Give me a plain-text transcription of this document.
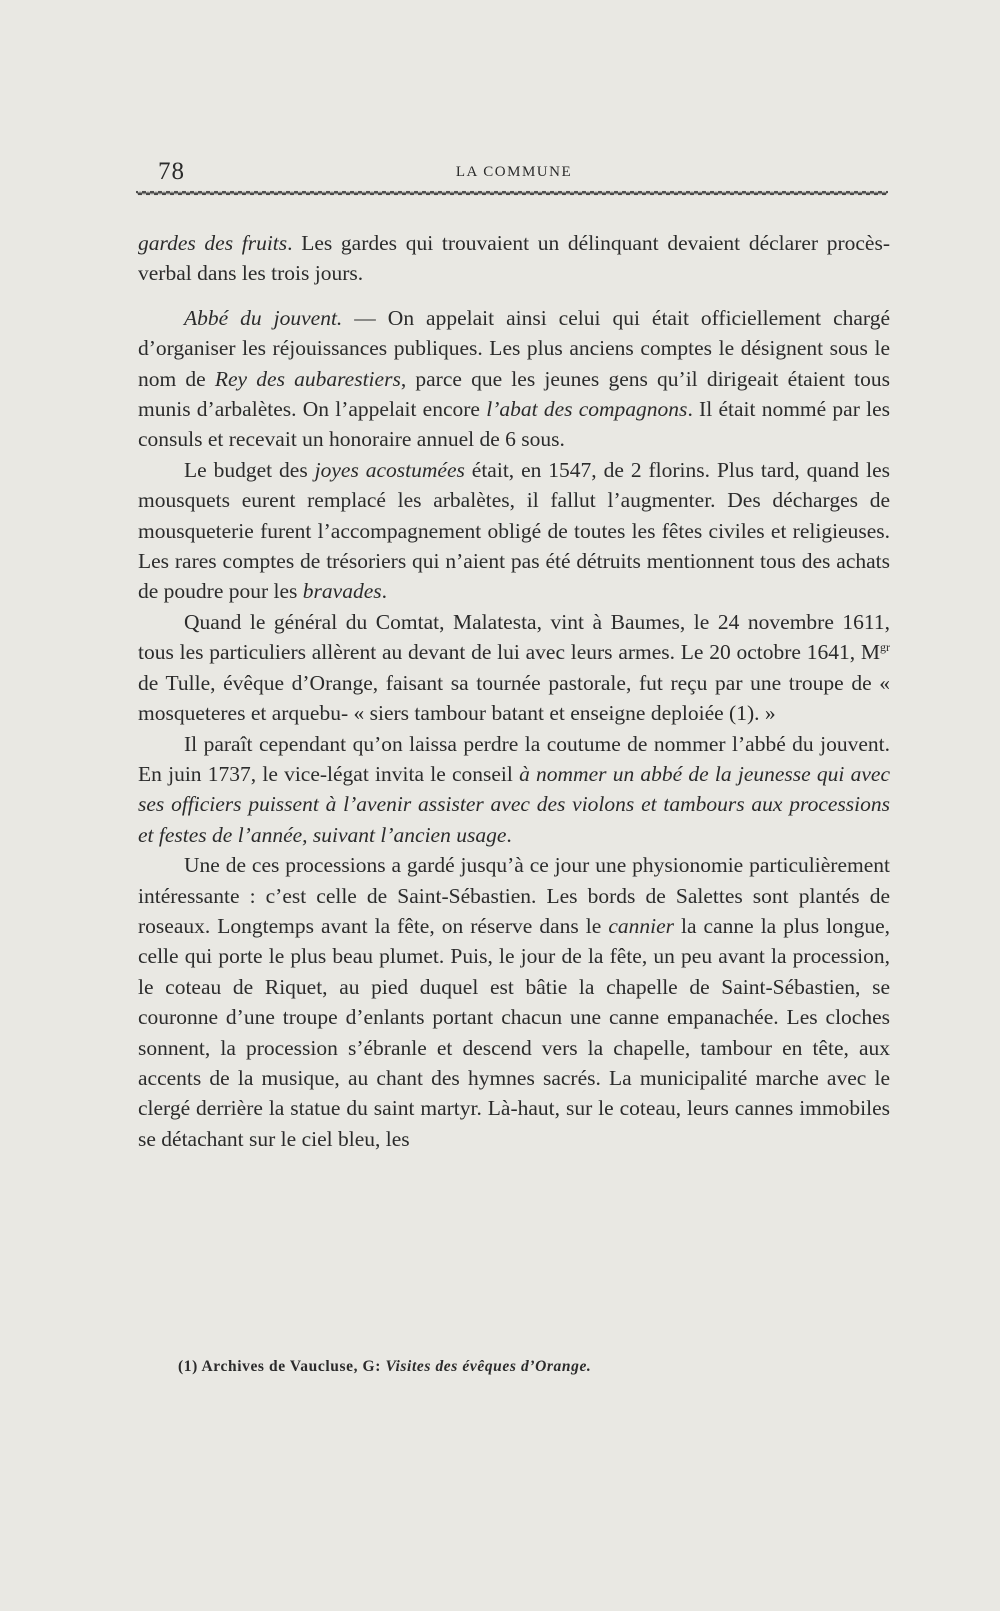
78	LA COMMUNE

gardes des fruits. Les gardes qui trouvaient un délinquant devaient déclarer procès-verbal dans les trois jours.

Abbé du jouvent. — On appelait ainsi celui qui était officiellement chargé d’organiser les réjouissances publiques. Les plus anciens comptes le désignent sous le nom de Rey des aubarestiers, parce que les jeunes gens qu’il dirigeait étaient tous munis d’arbalètes. On l’appelait encore l’abat des compagnons. Il était nommé par les consuls et recevait un honoraire annuel de 6 sous.

Le budget des joyes acostumées était, en 1547, de 2 florins. Plus tard, quand les mousquets eurent remplacé les arbalètes, il fallut l’augmenter. Des décharges de mousqueterie furent l’accompagnement obligé de toutes les fêtes civiles et religieuses. Les rares comptes de trésoriers qui n’aient pas été détruits mentionnent tous des achats de poudre pour les bravades.

Quand le général du Comtat, Malatesta, vint à Baumes, le 24 novembre 1611, tous les particuliers allèrent au devant de lui avec leurs armes. Le 20 octobre 1641, $M^{gr}$ de Tulle, évêque d’Orange, faisant sa tournée pastorale, fut reçu par une troupe de « mosqueteres et arquebu- « siers tambour batant et enseigne deploiée (1). »

Il paraît cependant qu’on laissa perdre la coutume de nommer l’abbé du jouvent. En juin 1737, le vice-légat invita le conseil à nommer un abbé de la jeunesse qui avec ses officiers puissent à l’avenir assister avec des violons et tambours aux processions et festes de l’année, suivant l’ancien usage.

Une de ces processions a gardé jusqu’à ce jour une physionomie particulièrement intéressante : c’est celle de Saint-Sébastien. Les bords de Salettes sont plantés de roseaux. Longtemps avant la fête, on réserve dans le cannier la canne la plus longue, celle qui porte le plus beau plumet. Puis, le jour de la fête, un peu avant la procession, le coteau de Riquet, au pied duquel est bâtie la chapelle de Saint-Sébastien, se couronne d’une troupe d’enlants portant chacun une canne empanachée. Les cloches sonnent, la procession s’ébranle et descend vers la chapelle, tambour en tête, aux accents de la musique, au chant des hymnes sacrés. La municipalité marche avec le clergé derrière la statue du saint martyr. Là-haut, sur le coteau, leurs cannes immobiles se détachant sur le ciel bleu, les

(1) Archives de Vaucluse, G: Visites des évêques d’Orange.
